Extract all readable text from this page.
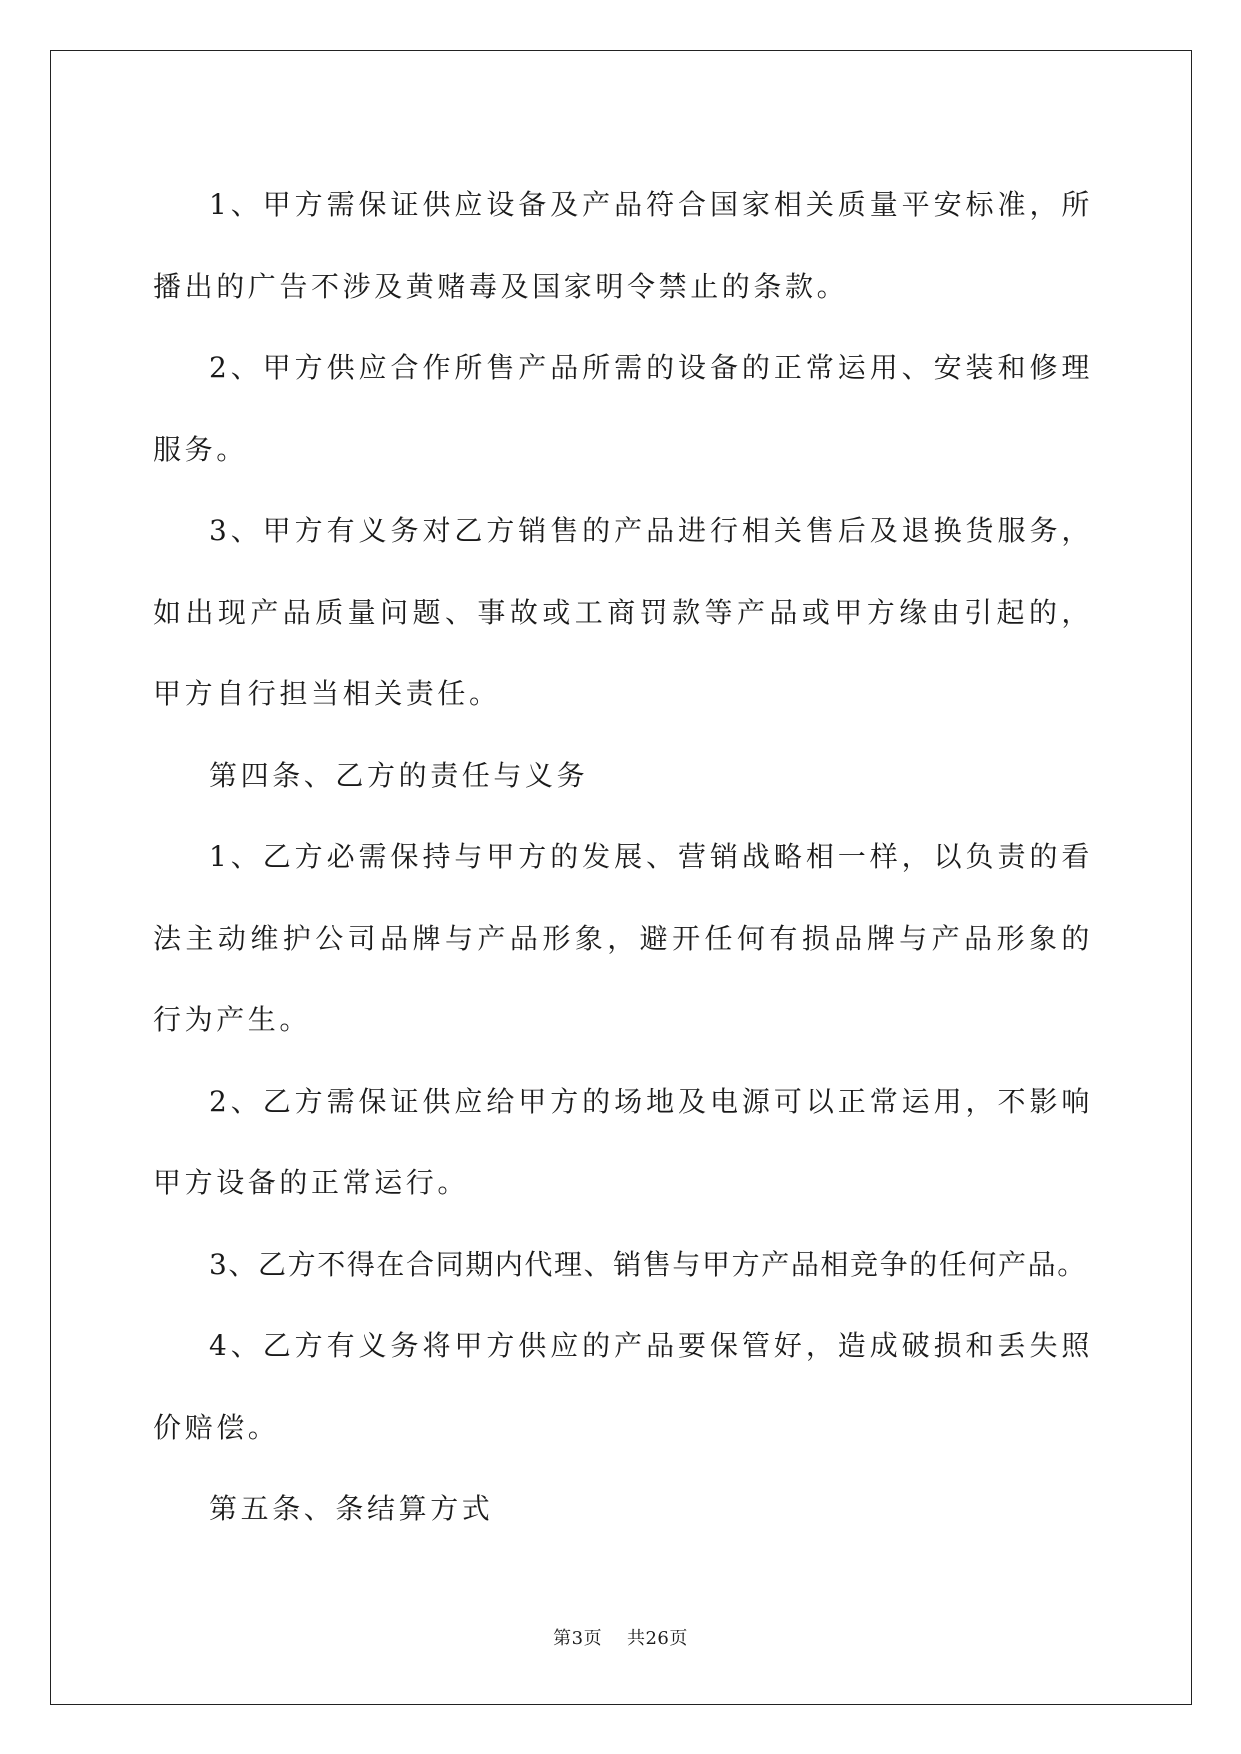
1、甲方需保证供应设备及产品符合国家相关质量平安标准，所播出的广告不涉及黄赌毒及国家明令禁止的条款。

2、甲方供应合作所售产品所需的设备的正常运用、安装和修理服务。

3、甲方有义务对乙方销售的产品进行相关售后及退换货服务，如出现产品质量问题、事故或工商罚款等产品或甲方缘由引起的，甲方自行担当相关责任。

第四条、乙方的责任与义务

1、乙方必需保持与甲方的发展、营销战略相一样，以负责的看法主动维护公司品牌与产品形象，避开任何有损品牌与产品形象的行为产生。

2、乙方需保证供应给甲方的场地及电源可以正常运用，不影响甲方设备的正常运行。

3、乙方不得在合同期内代理、销售与甲方产品相竞争的任何产品。

4、乙方有义务将甲方供应的产品要保管好，造成破损和丢失照价赔偿。

第五条、条结算方式

第3页 共26页
